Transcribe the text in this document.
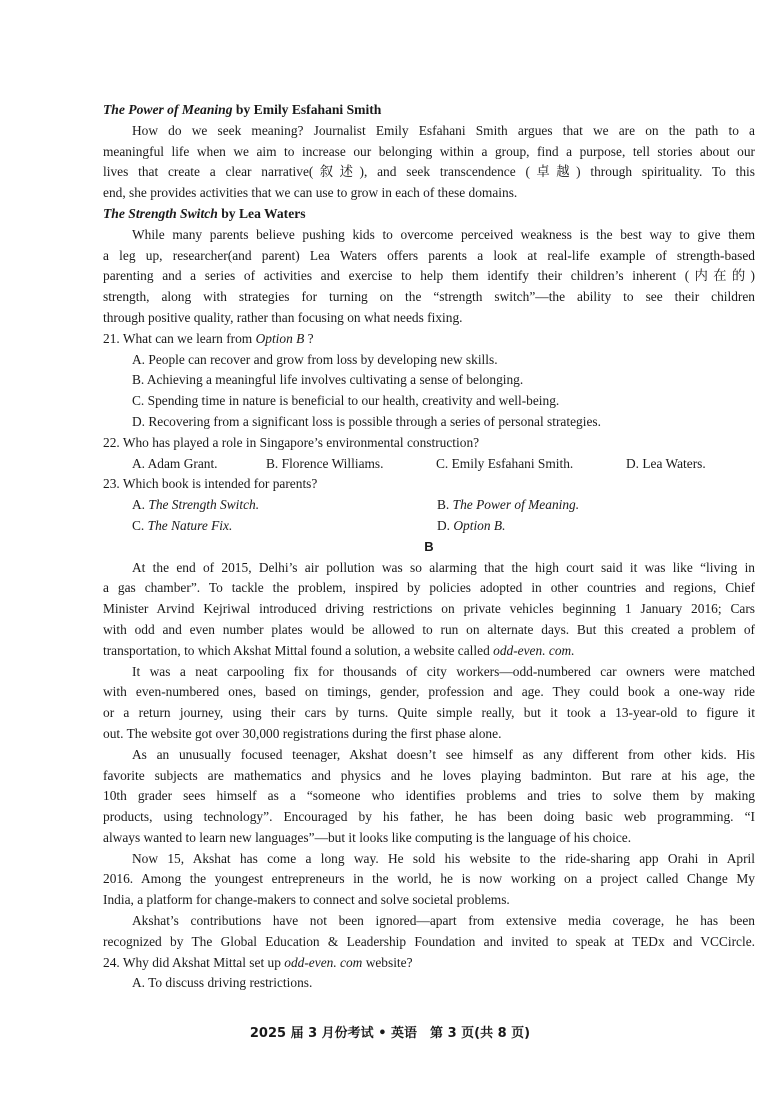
The Power of Meaning by Emily Esfahani Smith
How do we seek meaning? Journalist Emily Esfahani Smith argues that we are on the path to a
meaningful life when we aim to increase our belonging within a group, find a purpose, tell stories about our
lives that create a clear narrative(叙述), and seek transcendence (卓越) through spirituality. To this
end, she provides activities that we can use to grow in each of these domains.
The Strength Switch by Lea Waters
While many parents believe pushing kids to overcome perceived weakness is the best way to give them
a leg up, researcher(and parent) Lea Waters offers parents a look at real-life example of strength-based
parenting and a series of activities and exercise to help them identify their children’s inherent (内在的)
strength, along with strategies for turning on the “strength switch”—the ability to see their children
through positive quality, rather than focusing on what needs fixing.
21. What can we learn from Option B ?
A. People can recover and grow from loss by developing new skills.
B. Achieving a meaningful life involves cultivating a sense of belonging.
C. Spending time in nature is beneficial to our health, creativity and well-being.
D. Recovering from a significant loss is possible through a series of personal strategies.
22. Who has played a role in Singapore’s environmental construction?
A. Adam Grant.	B. Florence Williams.	C. Emily Esfahani Smith.	D. Lea Waters.
23. Which book is intended for parents?
A. The Strength Switch.	B. The Power of Meaning.
C. The Nature Fix.	D. Option B.
B
At the end of 2015, Delhi’s air pollution was so alarming that the high court said it was like “living in
a gas chamber”. To tackle the problem, inspired by policies adopted in other countries and regions, Chief
Minister Arvind Kejriwal introduced driving restrictions on private vehicles beginning 1 January 2016; Cars
with odd and even number plates would be allowed to run on alternate days. But this created a problem of
transportation, to which Akshat Mittal found a solution, a website called odd-even. com.
It was a neat carpooling fix for thousands of city workers—odd-numbered car owners were matched
with even-numbered ones, based on timings, gender, profession and age. They could book a one-way ride
or a return journey, using their cars by turns. Quite simple really, but it took a 13-year-old to figure it
out. The website got over 30,000 registrations during the first phase alone.
As an unusually focused teenager, Akshat doesn’t see himself as any different from other kids. His
favorite subjects are mathematics and physics and he loves playing badminton. But rare at his age, the
10th grader sees himself as a “someone who identifies problems and tries to solve them by making
products, using technology”. Encouraged by his father, he has been doing basic web programming. “I
always wanted to learn new languages”—but it looks like computing is the language of his choice.
Now 15, Akshat has come a long way. He sold his website to the ride-sharing app Orahi in April
2016. Among the youngest entrepreneurs in the world, he is now working on a project called Change My
India, a platform for change-makers to connect and solve societal problems.
Akshat’s contributions have not been ignored—apart from extensive media coverage, he has been
recognized by The Global Education & Leadership Foundation and invited to speak at TEDx and VCCircle.
24. Why did Akshat Mittal set up odd-even. com website?
A. To discuss driving restrictions.
2025 届 3 月份考试 • 英语　第 3 页(共 8 页)
